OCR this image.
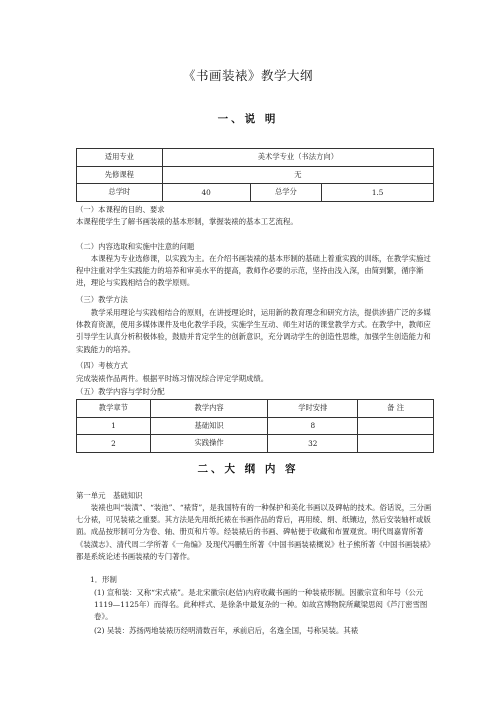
《书画装裱》教学大纲
一、说 明
适用专业	美术学专业（书法方向）		
先修课程	无		
总学时	40	总学分	1.5
（一）本课程的目的、要求
本课程使学生了解书画装裱的基本形制，掌握装裱的基本工艺流程。
（二）内容选取和实施中注意的问题
本课程为专业选修课，以实践为主。在介绍书画装裱的基本形制的基础上着重实践的训练，在教学实施过程中注重对学生实践能力的培养和审美水平的提高，教师作必要的示范，坚持由浅入深，由简到繁，循序渐进，理论与实践相结合的教学原则。
（三）教学方法
教学采用理论与实践相结合的原则，在讲授理论时，运用新的教育理念和研究方法，提供涉猎广泛的多媒体教育资源，使用多媒体课件及电化教学手段，实施学生互动、师生对话的课堂教学方式。在教学中，教师应引导学生认真分析积极体验，鼓励并肯定学生的创新意识，充分调动学生的创造性思维，加强学生创造能力和实践能力的培养。
（四）考核方式
完成装裱作品两件。根据平时练习情况综合评定学期成绩。
（五）教学内容与学时分配
教学章节	教学内容	学时安排	备 注
1	基础知识	8	
2	实践操作	32	
二、大 纲 内 容
第一单元　基础知识
装裱也叫“装潢”、“装池”、“裱背”，是我国特有的一种保护和美化书画以及碑帖的技术。俗话说，三分画七分裱，可见装裱之重要。其方法是先用纸托裱在书画作品的背后，再用绫、绢、纸镶边，然后安装轴杆或版面。成品按形制可分为卷、轴、册页和片等。经装裱后的书画、碑帖便于收藏和布置观赏。明代周嘉胄所著《装潢志》、清代周二学所著《一角编》及现代冯鹏生所著《中国书画装裱概说》杜子熊所著《中国书画装裱》都是系统论述书画装裱的专门著作。
1．形制
(1) 宣和装：又称“宋式裱”。是北宋徽宗(赵佶)内府收藏书画的一种装裱形制。因徽宗宣和年号（公元1119—1125年）而得名。此种样式、是徐条中最复杂的一种。如故宫博物院所藏梁思闳《芦汀密雪图卷》。
(2) 吴装：苏扬两地装裱历经明清数百年，承前启后，名逸全国，号称吴装。其裱
